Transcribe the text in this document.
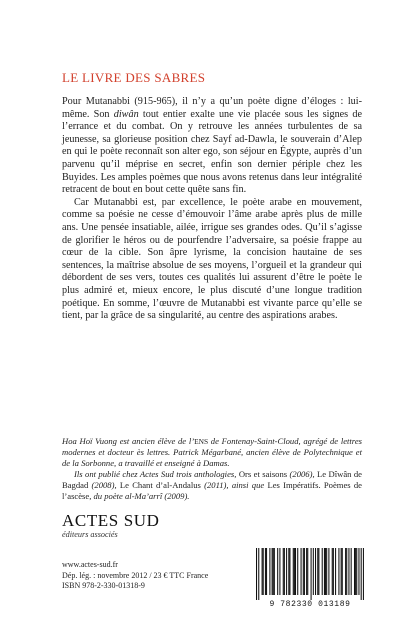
LE LIVRE DES SABRES

Pour Mutanabbi (915-965), il n’y a qu’un poète digne d’éloges : lui-même. Son diwân tout entier exalte une vie placée sous les signes de l’errance et du combat. On y retrouve les années turbulentes de sa jeunesse, sa glorieuse position chez Sayf ad-Dawla, le souverain d’Alep en qui le poète reconnaît son alter ego, son séjour en Égypte, auprès d’un parvenu qu’il méprise en secret, enfin son dernier périple chez les Buyides. Les amples poèmes que nous avons retenus dans leur intégralité retracent de bout en bout cette quête sans fin.

Car Mutanabbi est, par excellence, le poète arabe en mouvement, comme sa poésie ne cesse d’émouvoir l’âme arabe après plus de mille ans. Une pensée insatiable, ailée, irrigue ses grandes odes. Qu’il s’agisse de glorifier le héros ou de pourfendre l’adversaire, sa poésie frappe au cœur de la cible. Son âpre lyrisme, la concision hautaine de ses sentences, la maîtrise absolue de ses moyens, l’orgueil et la grandeur qui débordent de ses vers, toutes ces qualités lui assurent d’être le poète le plus admiré et, mieux encore, le plus discuté d’une longue tradition poétique. En somme, l’œuvre de Mutanabbi est vivante parce qu’elle se tient, par la grâce de sa singularité, au centre des aspirations arabes.

Hoa Hoï Vuong est ancien élève de l’ENS de Fontenay-Saint-Cloud, agrégé de lettres modernes et docteur ès lettres. Patrick Mégarbané, ancien élève de Polytechnique et de la Sorbonne, a travaillé et enseigné à Damas.

Ils ont publié chez Actes Sud trois anthologies, Ors et saisons (2006), Le Dîwân de Bagdad (2008), Le Chant d’al-Andalus (2011), ainsi que Les Impératifs. Poèmes de l’ascèse, du poète al-Ma’arrî (2009).

ACTES SUD
éditeurs associés
www.actes-sud.fr
Dép. lég. : novembre 2012 / 23 € TTC France
ISBN 978-2-330-01318-9
9 782330 013189
